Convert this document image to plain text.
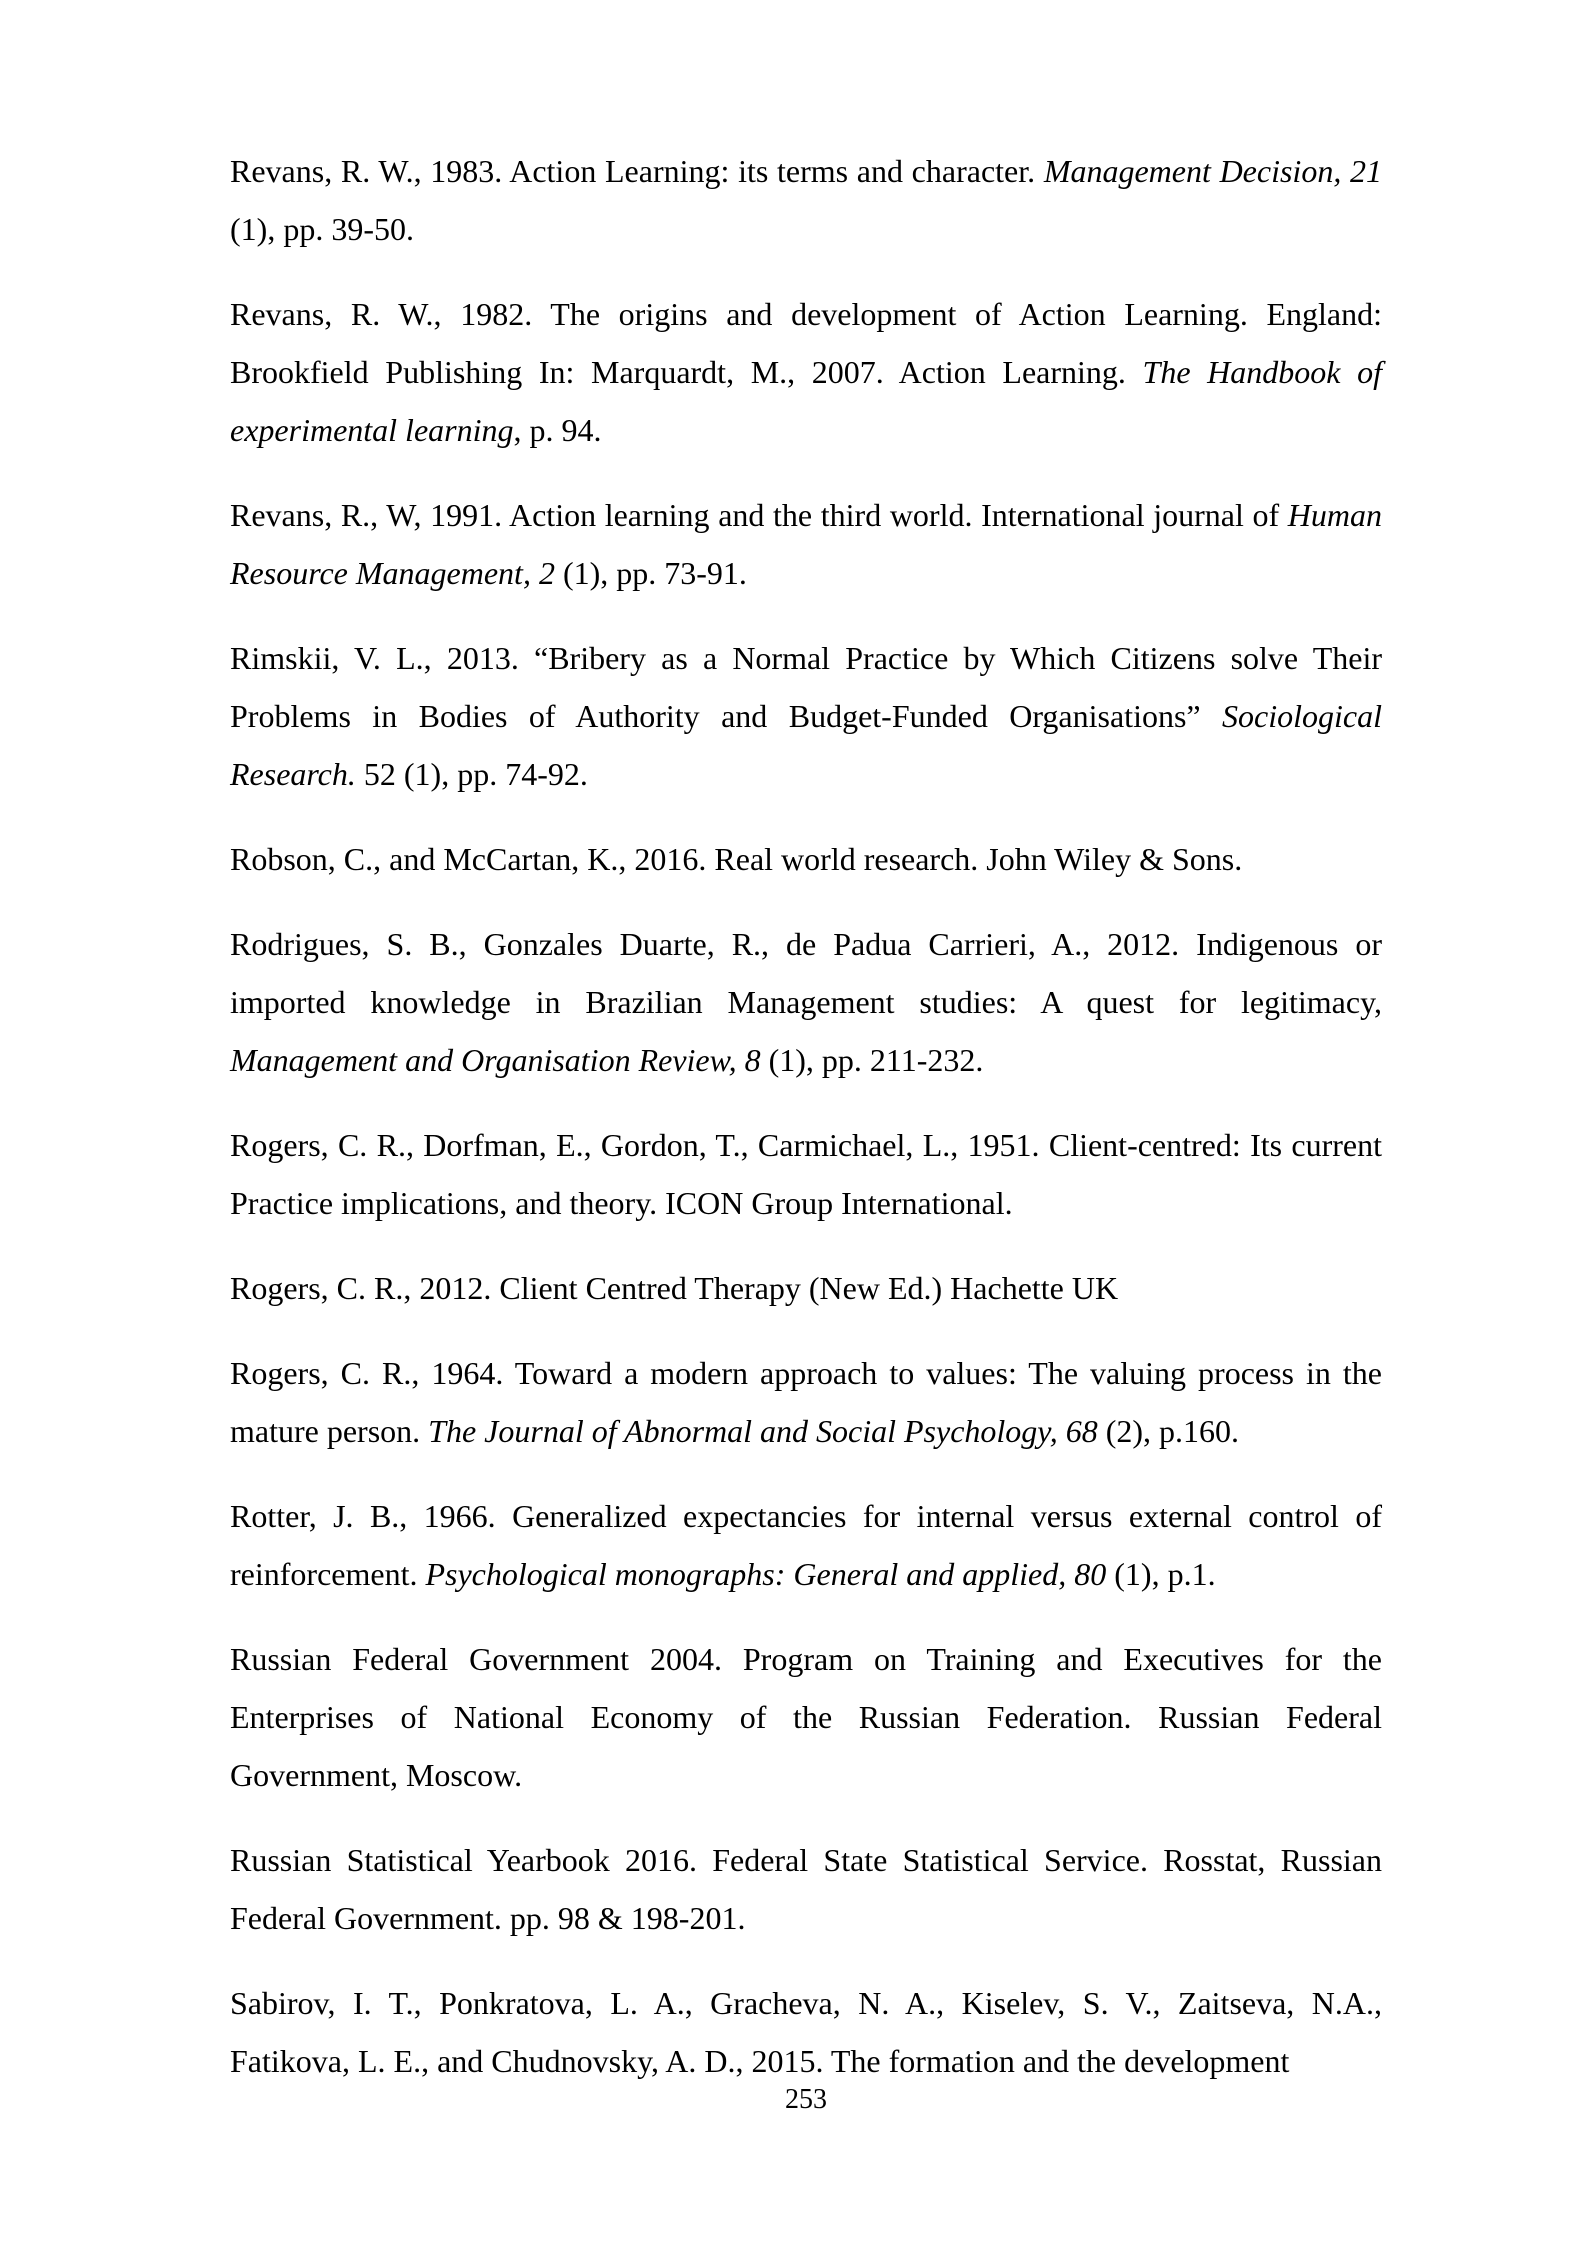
Revans, R. W., 1983. Action Learning: its terms and character. Management Decision, 21 (1), pp. 39-50.

Revans, R. W., 1982. The origins and development of Action Learning. England: Brookfield Publishing In: Marquardt, M., 2007. Action Learning. The Handbook of experimental learning, p. 94.

Revans, R., W, 1991. Action learning and the third world. International journal of Human Resource Management, 2 (1), pp. 73-91.

Rimskii, V. L., 2013. “Bribery as a Normal Practice by Which Citizens solve Their Problems in Bodies of Authority and Budget-Funded Organisations” Sociological Research. 52 (1), pp. 74-92.

Robson, C., and McCartan, K., 2016. Real world research. John Wiley & Sons.

Rodrigues, S. B., Gonzales Duarte, R., de Padua Carrieri, A., 2012. Indigenous or imported knowledge in Brazilian Management studies: A quest for legitimacy, Management and Organisation Review, 8 (1), pp. 211-232.

Rogers, C. R., Dorfman, E., Gordon, T., Carmichael, L., 1951. Client-centred: Its current Practice implications, and theory. ICON Group International.

Rogers, C. R., 2012. Client Centred Therapy (New Ed.) Hachette UK

Rogers, C. R., 1964. Toward a modern approach to values: The valuing process in the mature person. The Journal of Abnormal and Social Psychology, 68 (2), p.160.

Rotter, J. B., 1966. Generalized expectancies for internal versus external control of reinforcement. Psychological monographs: General and applied, 80 (1), p.1.

Russian Federal Government 2004. Program on Training and Executives for the Enterprises of National Economy of the Russian Federation. Russian Federal Government, Moscow.

Russian Statistical Yearbook 2016. Federal State Statistical Service. Rosstat, Russian Federal Government. pp. 98 & 198-201.

Sabirov, I. T., Ponkratova, L. A., Gracheva, N. A., Kiselev, S. V., Zaitseva, N.A., Fatikova, L. E., and Chudnovsky, A. D., 2015. The formation and the development

253
